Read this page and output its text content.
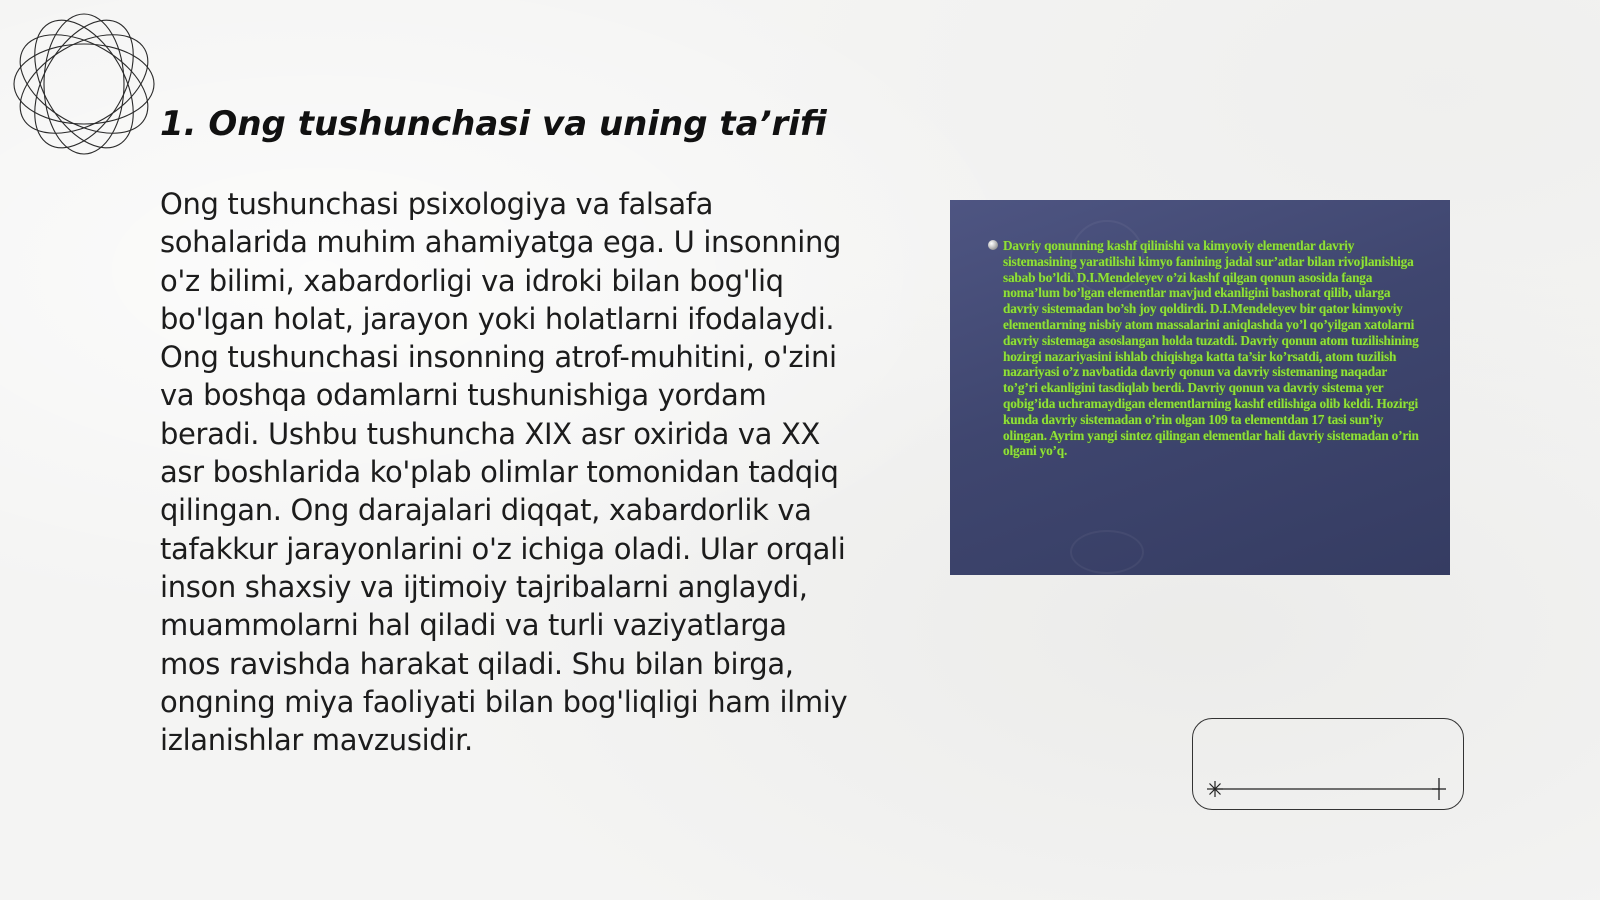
1. Ong tushunchasi va uning ta’rifi

Ong tushunchasi psixologiya va falsafa sohalarida muhim ahamiyatga ega. U insonning o'z bilimi, xabardorligi va idroki bilan bog'liq bo'lgan holat, jarayon yoki holatlarni ifodalaydi. Ong tushunchasi insonning atrof-muhitini, o'zini va boshqa odamlarni tushunishiga yordam beradi. Ushbu tushuncha XIX asr oxirida va XX asr boshlarida ko'plab olimlar tomonidan tadqiq qilingan. Ong darajalari diqqat, xabardorlik va tafakkur jarayonlarini o'z ichiga oladi. Ular orqali inson shaxsiy va ijtimoiy tajribalarni anglaydi, muammolarni hal qiladi va turli vaziyatlarga mos ravishda harakat qiladi. Shu bilan birga, ongning miya faoliyati bilan bog'liqligi ham ilmiy izlanishlar mavzusidir.

Davriy qonunning kashf qilinishi va kimyoviy elementlar davriy sistemasining yaratilishi kimyo fanining jadal sur’atlar bilan rivojlanishiga sabab bo’ldi. D.I.Mendeleyev o’zi kashf qilgan qonun asosida fanga noma’lum bo’lgan elementlar mavjud ekanligini bashorat qilib, ularga davriy sistemadan bo’sh joy qoldirdi. D.I.Mendeleyev bir qator kimyoviy elementlarning nisbiy atom massalarini aniqlashda yo’l qo’yilgan xatolarni davriy sistemaga asoslangan holda tuzatdi. Davriy qonun atom tuzilishining hozirgi nazariyasini ishlab chiqishga katta ta’sir ko’rsatdi, atom tuzilish nazariyasi o’z navbatida davriy qonun va davriy sistemaning naqadar to’g’ri ekanligini tasdiqlab berdi. Davriy qonun va davriy sistema yer qobig’ida uchramaydigan elementlarning kashf etilishiga olib keldi. Hozirgi kunda davriy sistemadan o’rin olgan 109 ta elementdan 17 tasi sun’iy olingan. Ayrim yangi sintez qilingan elementlar hali davriy sistemadan o’rin olgani yo’q.
